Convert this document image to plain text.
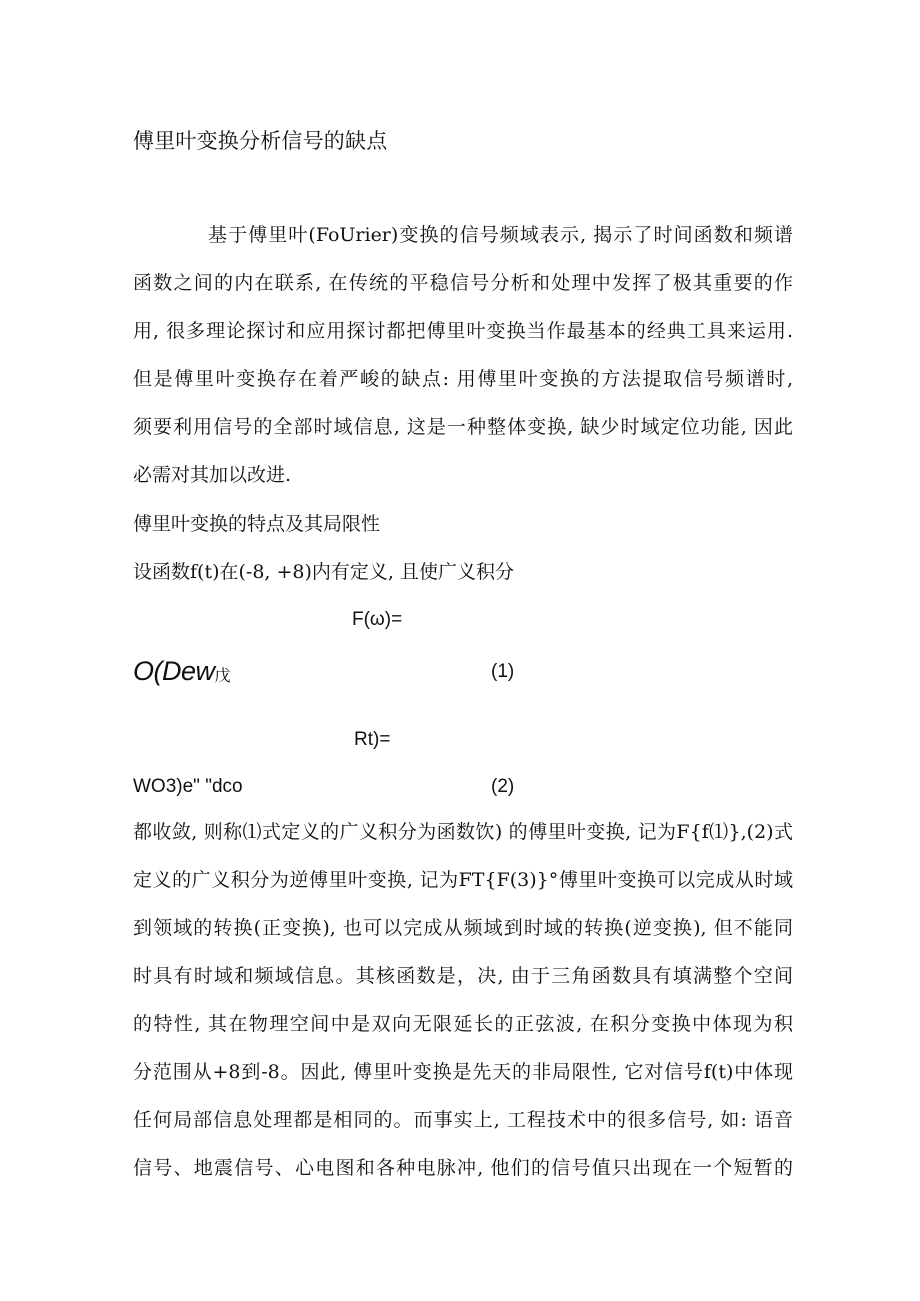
傅里叶变换分析信号的缺点
基于傅里叶(FoUrier)变换的信号频域表示, 揭示了时间函数和频谱
函数之间的内在联系, 在传统的平稳信号分析和处理中发挥了极其重要的作
用, 很多理论探讨和应用探讨都把傅里叶变换当作最基本的经典工具来运用.
但是傅里叶变换存在着严峻的缺点: 用傅里叶变换的方法提取信号频谱时,
须要利用信号的全部时域信息, 这是一种整体变换, 缺少时域定位功能, 因此
必需对其加以改进.
傅里叶变换的特点及其局限性
设函数f(t)在(-8, +8)内有定义, 且使广义积分
F(ω)=
O(Dew戊	(1)
Rt)=
WO3)e" "dco	(2)
都收敛, 则称⑴式定义的广义积分为函数饮) 的傅里叶变换, 记为F{f⑴},(2)式
定义的广义积分为逆傅里叶变换, 记为FT{F(3)}°傅里叶变换可以完成从时域
到领域的转换(正变换), 也可以完成从频域到时域的转换(逆变换), 但不能同
时具有时域和频域信息。其核函数是，决, 由于三角函数具有填满整个空间
的特性, 其在物理空间中是双向无限延长的正弦波, 在积分变换中体现为积
分范围从+8到-8。因此, 傅里叶变换是先天的非局限性, 它对信号f(t)中体现
任何局部信息处理都是相同的。而事实上, 工程技术中的很多信号, 如: 语音
信号、地震信号、心电图和各种电脉冲, 他们的信号值只出现在一个短暂的
